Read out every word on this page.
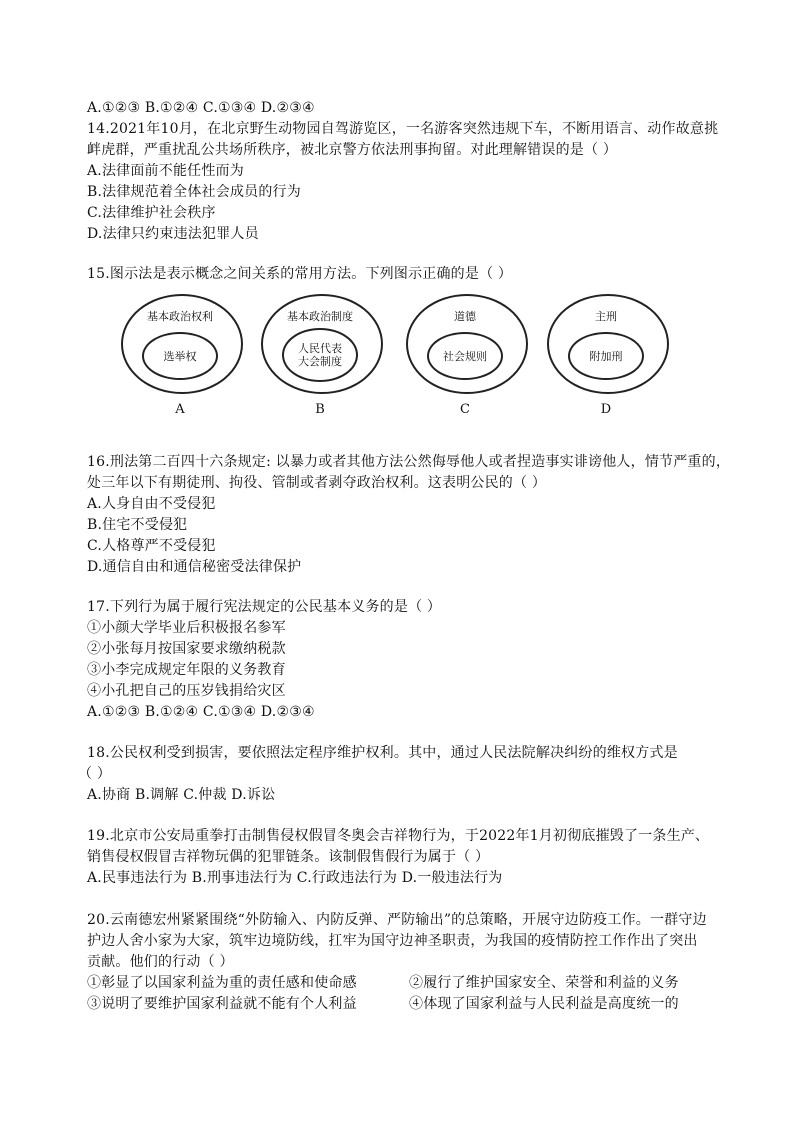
A.①②③ B.①②④ C.①③④ D.②③④
14.2021年10月，在北京野生动物园自驾游览区，一名游客突然违规下车，不断用语言、动作故意挑
衅虎群，严重扰乱公共场所秩序，被北京警方依法刑事拘留。对此理解错误的是（ ）
A.法律面前不能任性而为
B.法律规范着全体社会成员的行为
C.法律维护社会秩序
D.法律只约束违法犯罪人员
15.图示法是表示概念之间关系的常用方法。下列图示正确的是（ ）
基本政治权利
选举权
A
基本政治制度
人民代表
大会制度
B
道德
社会规则
C
主刑
附加刑
D
16.刑法第二百四十六条规定: 以暴力或者其他方法公然侮辱他人或者捏造事实诽谤他人，情节严重的，
处三年以下有期徒刑、拘役、管制或者剥夺政治权利。这表明公民的（ ）
A.人身自由不受侵犯
B.住宅不受侵犯
C.人格尊严不受侵犯
D.通信自由和通信秘密受法律保护
17.下列行为属于履行宪法规定的公民基本义务的是（ ）
①小颜大学毕业后积极报名参军
②小张每月按国家要求缴纳税款
③小李完成规定年限的义务教育
④小孔把自己的压岁钱捐给灾区
A.①②③ B.①②④ C.①③④ D.②③④
18.公民权利受到损害，要依照法定程序维护权利。其中，通过人民法院解决纠纷的维权方式是
（ ）
A.协商 B.调解 C.仲裁 D.诉讼
19.北京市公安局重拳打击制售侵权假冒冬奥会吉祥物行为，于2022年1月初彻底摧毁了一条生产、
销售侵权假冒吉祥物玩偶的犯罪链条。该制假售假行为属于（ ）
A.民事违法行为 B.刑事违法行为 C.行政违法行为 D.一般违法行为
20.云南德宏州紧紧围绕“外防输入、内防反弹、严防输出”的总策略，开展守边防疫工作。一群守边
护边人舍小家为大家，筑牢边境防线，扛牢为国守边神圣职责，为我国的疫情防控工作作出了突出
贡献。他们的行动（ ）
①彰显了以国家利益为重的责任感和使命感	②履行了维护国家安全、荣誉和利益的义务
③说明了要维护国家利益就不能有个人利益	④体现了国家利益与人民利益是高度统一的
